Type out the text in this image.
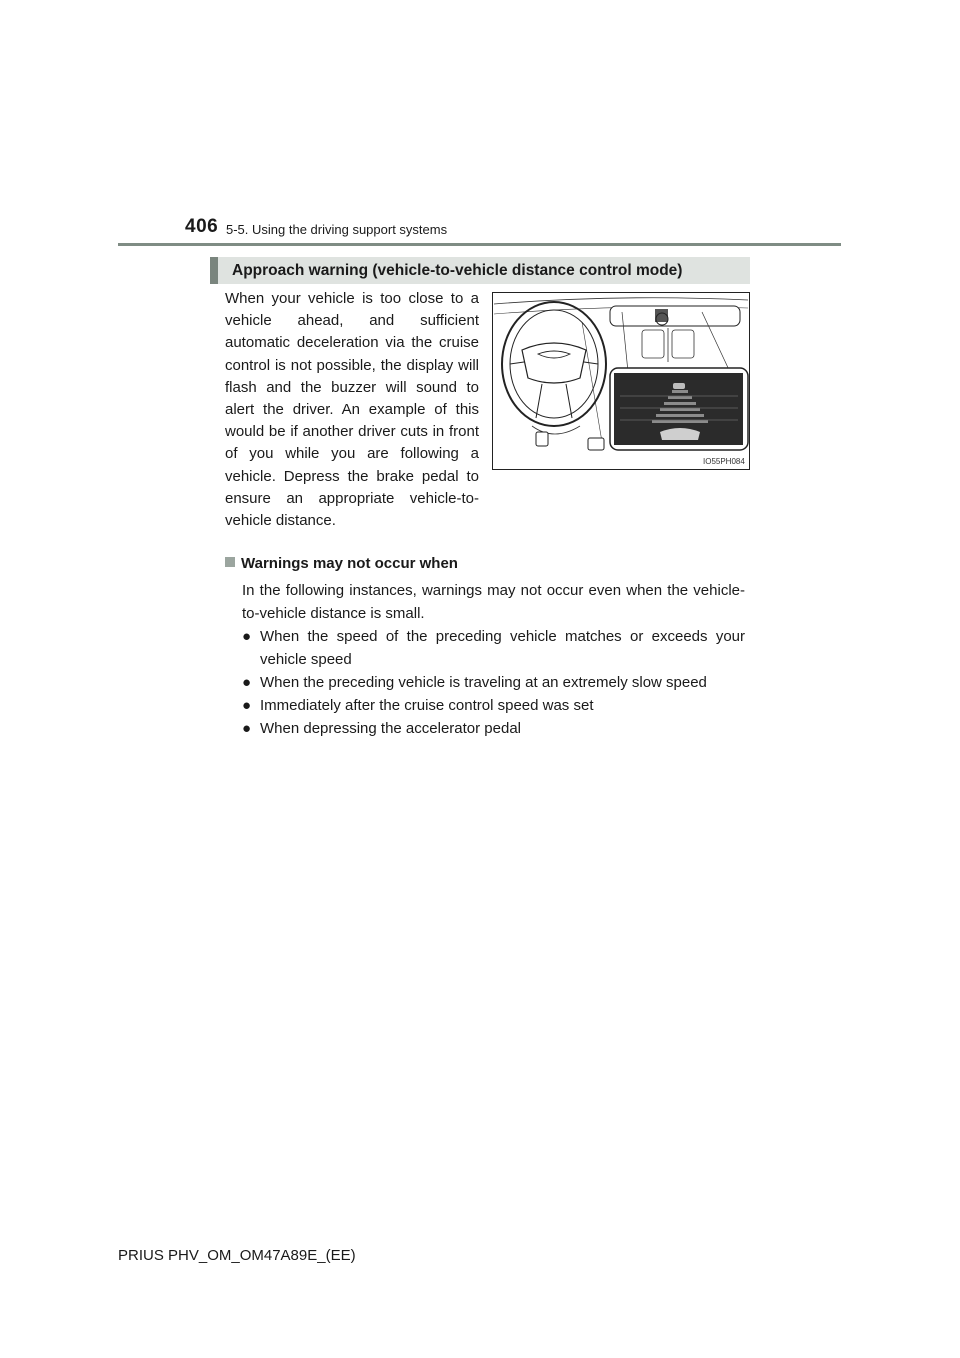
406 5-5. Using the driving support systems
Approach warning (vehicle-to-vehicle distance control mode)

When your vehicle is too close to a vehicle ahead, and sufficient automatic deceleration via the cruise control is not possible, the display will flash and the buzzer will sound to alert the driver. An example of this would be if another driver cuts in front of you while you are following a vehicle. Depress the brake pedal to ensure an appropriate vehicle-to-vehicle distance.

IO55PH084
Warnings may not occur when

In the following instances, warnings may not occur even when the vehicle-to-vehicle distance is small.

● When the speed of the preceding vehicle matches or exceeds your vehicle speed
● When the preceding vehicle is traveling at an extremely slow speed
● Immediately after the cruise control speed was set
● When depressing the accelerator pedal
PRIUS PHV_OM_OM47A89E_(EE)
